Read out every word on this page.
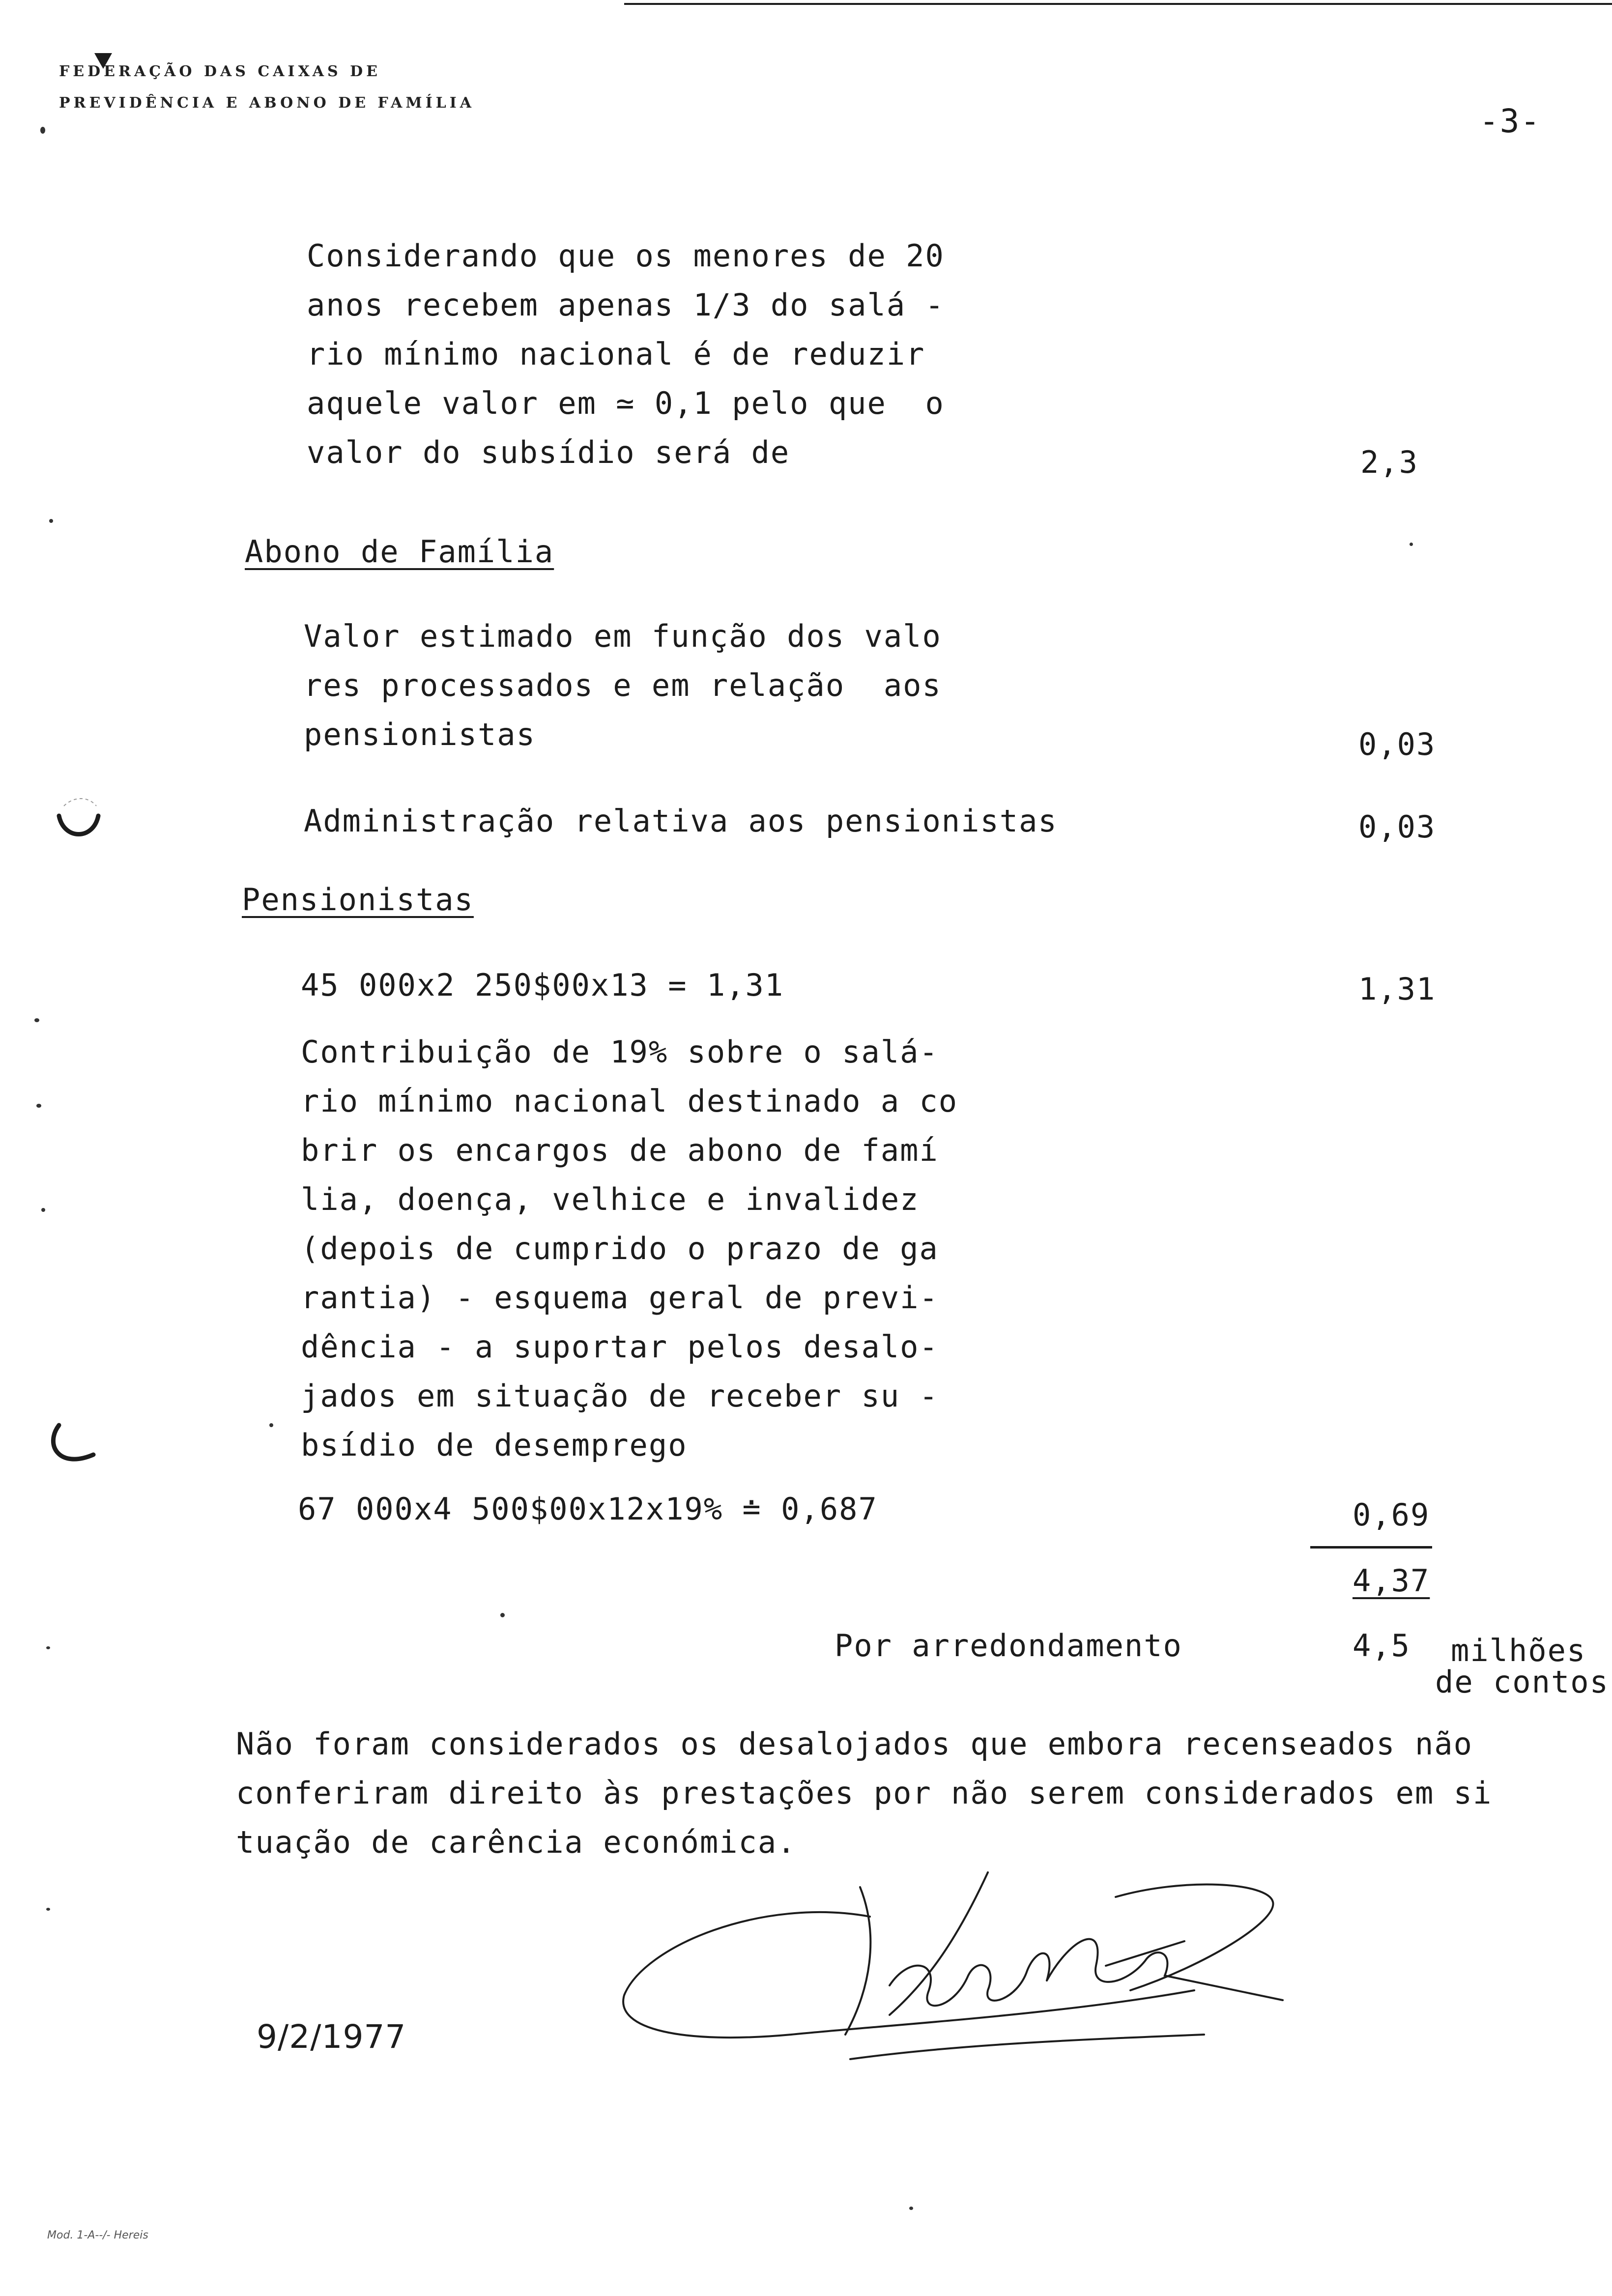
FEDERAÇÃO DAS CAIXAS DE
PREVIDÊNCIA E ABONO DE FAMÍLIA	-3-
Considerando que os menores de 20
anos recebem apenas 1/3 do salá -
rio mínimo nacional é de reduzir
aquele valor em ≃ 0,1 pelo que  o
valor do subsídio será de	2,3
Abono de Família
Valor estimado em função dos valo
res processados e em relação  aos
pensionistas	0,03
Administração relativa aos pensionistas	0,03
Pensionistas
45 000x2 250$00x13 = 1,31	1,31
Contribuição de 19% sobre o salá-
rio mínimo nacional destinado a co
brir os encargos de abono de famí
lia, doença, velhice e invalidez
(depois de cumprido o prazo de ga
rantia) - esquema geral de previ-
dência - a suportar pelos desalo-
jados em situação de receber su -
bsídio de desemprego
67 000x4 500$00x12x19% ≐ 0,687	0,69
4,37
Por arredondamento	4,5 milhões
de contos
Não foram considerados os desalojados que embora recenseados não
conferiram direito às prestações por não serem considerados em si
tuação de carência económica.
9/2/1977
Mod. 1-A--/- Hereis
